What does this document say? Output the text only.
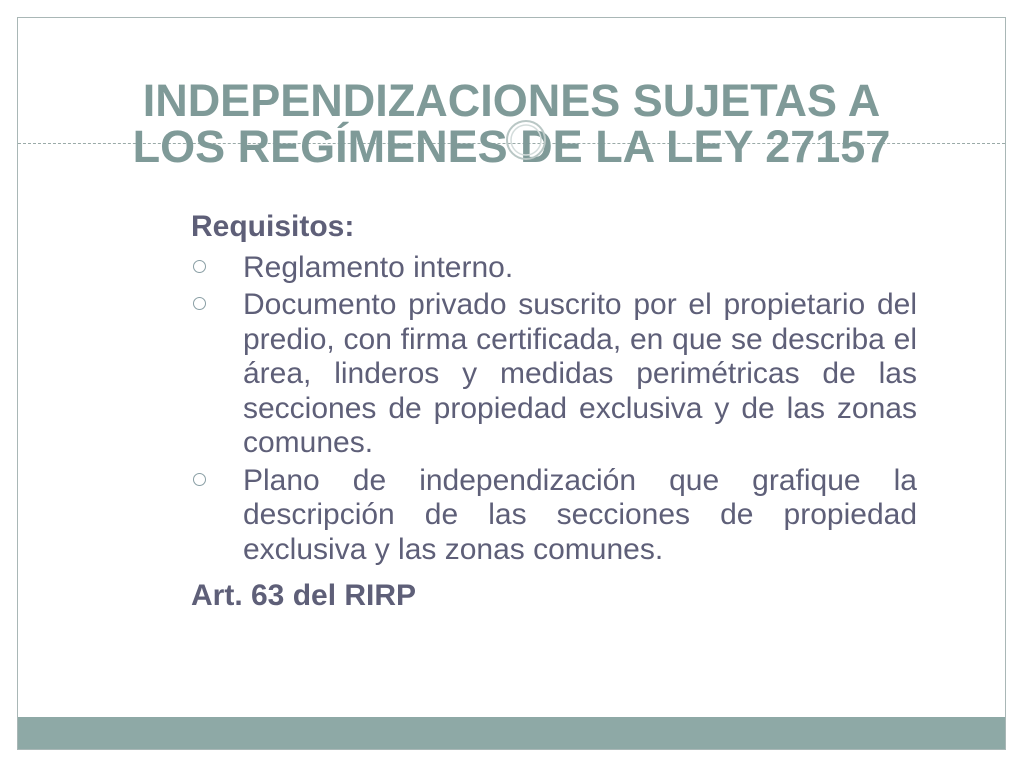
INDEPENDIZACIONES SUJETAS A
LOS REGÍMENES DE LA LEY 27157
Requisitos:
Reglamento interno.
Documento privado suscrito por el propietario del predio, con firma certificada, en que se describa el área, linderos y medidas perimétricas de las secciones de propiedad exclusiva y de las zonas comunes.
Plano de independización que grafique la descripción de las secciones de propiedad exclusiva y las zonas comunes.
Art. 63 del RIRP
